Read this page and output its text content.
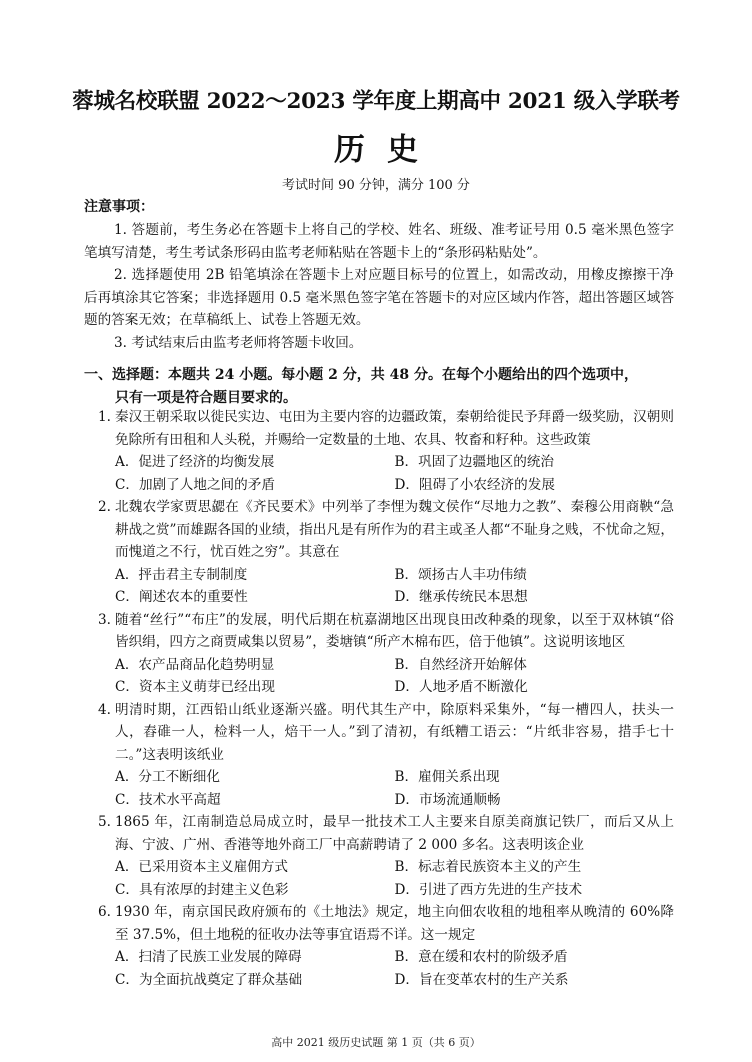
蓉城名校联盟 2022～2023 学年度上期高中 2021 级入学联考
历史
考试时间 90 分钟，满分 100 分
注意事项：

1. 答题前，考生务必在答题卡上将自己的学校、姓名、班级、准考证号用 0.5 毫米黑色签字笔填写清楚，考生考试条形码由监考老师粘贴在答题卡上的“条形码粘贴处”。

2. 选择题使用 2B 铅笔填涂在答题卡上对应题目标号的位置上，如需改动，用橡皮擦擦干净后再填涂其它答案；非选择题用 0.5 毫米黑色签字笔在答题卡的对应区域内作答，超出答题区域答题的答案无效；在草稿纸上、试卷上答题无效。

3. 考试结束后由监考老师将答题卡收回。

一、选择题：本题共 24 小题。每小题 2 分，共 48 分。在每个小题给出的四个选项中，
只有一项是符合题目要求的。
1. 秦汉王朝采取以徙民实边、屯田为主要内容的边疆政策，秦朝给徙民予拜爵一级奖励，汉朝则免除所有田租和人头税，并赐给一定数量的土地、农具、牧畜和籽种。这些政策
A．促进了经济的均衡发展	B．巩固了边疆地区的统治
C．加剧了人地之间的矛盾	D．阻碍了小农经济的发展
2. 北魏农学家贾思勰在《齐民要术》中列举了李悝为魏文侯作“尽地力之教”、秦穆公用商鞅“急耕战之赏”而雄踞各国的业绩，指出凡是有所作为的君主或圣人都“不耻身之贱，不忧命之短，而愧道之不行，忧百姓之穷”。其意在
A．抨击君主专制制度	B．颂扬古人丰功伟绩
C．阐述农本的重要性	D．继承传统民本思想
3. 随着“丝行”“布庄”的发展，明代后期在杭嘉湖地区出现良田改种桑的现象，以至于双林镇“俗皆织绢，四方之商贾咸集以贸易”，娄塘镇“所产木棉布匹，倍于他镇”。这说明该地区
A．农产品商品化趋势明显	B．自然经济开始解体
C．资本主义萌芽已经出现	D．人地矛盾不断激化
4. 明清时期，江西铅山纸业逐渐兴盛。明代其生产中，除原料采集外，“每一槽四人，扶头一人，舂碓一人，检料一人，焙干一人。”到了清初，有纸糟工语云：“片纸非容易，措手七十二。”这表明该纸业
A．分工不断细化	B．雇佣关系出现
C．技术水平高超	D．市场流通顺畅
5. 1865 年，江南制造总局成立时，最早一批技术工人主要来自原美商旗记铁厂，而后又从上海、宁波、广州、香港等地外商工厂中高薪聘请了 2 000 多名。这表明该企业
A．已采用资本主义雇佣方式	B．标志着民族资本主义的产生
C．具有浓厚的封建主义色彩	D．引进了西方先进的生产技术
6. 1930 年，南京国民政府颁布的《土地法》规定，地主向佃农收租的地租率从晚清的 60%降至 37.5%，但土地税的征收办法等事宜语焉不详。这一规定
A．扫清了民族工业发展的障碍	B．意在缓和农村的阶级矛盾
C．为全面抗战奠定了群众基础	D．旨在变革农村的生产关系
高中 2021 级历史试题 第 1 页（共 6 页）
